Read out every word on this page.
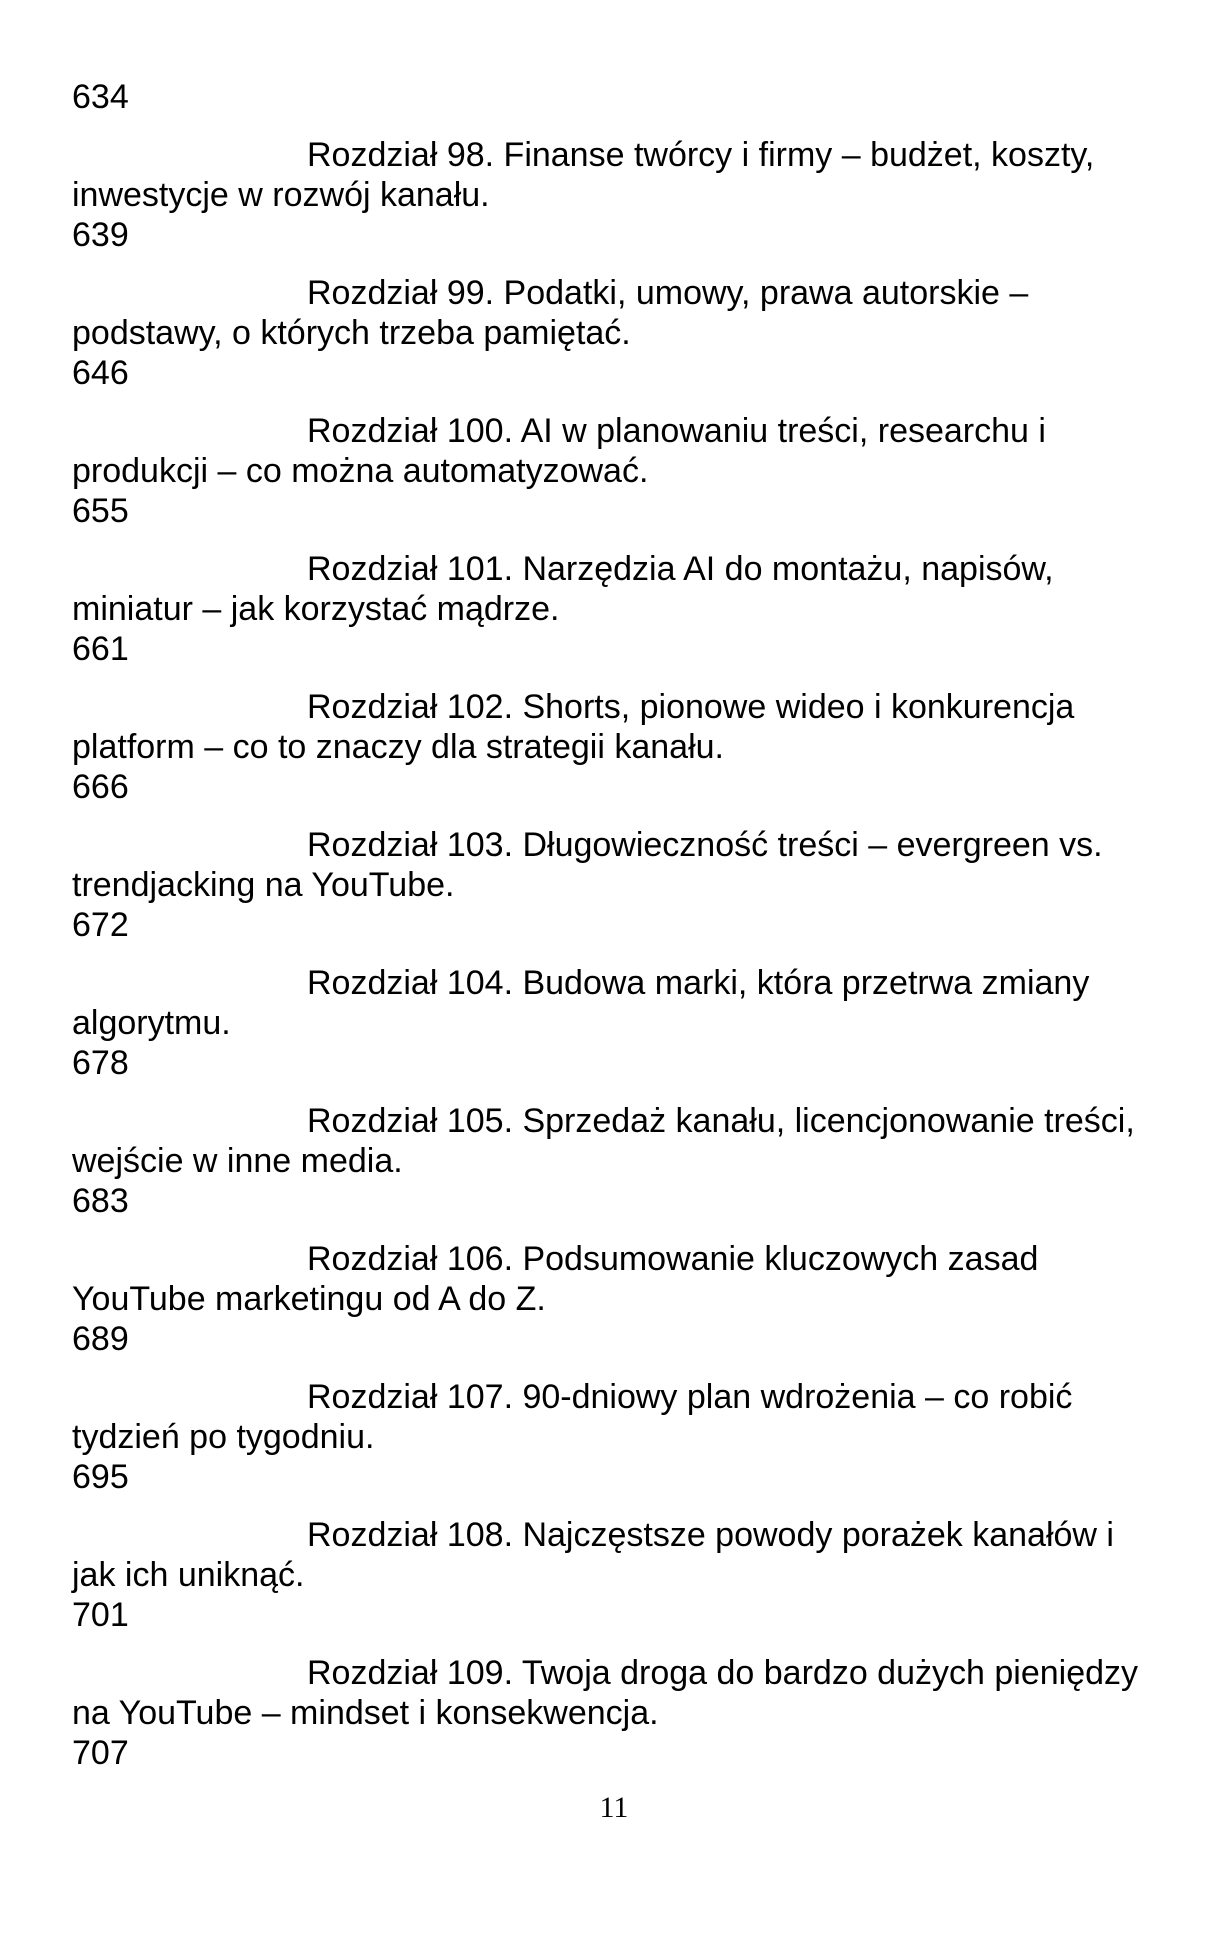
634
Rozdział 98. Finanse twórcy i firmy – budżet, koszty,
inwestycje w rozwój kanału.
639
Rozdział 99. Podatki, umowy, prawa autorskie –
podstawy, o których trzeba pamiętać.
646
Rozdział 100. AI w planowaniu treści, researchu i
produkcji – co można automatyzować.
655
Rozdział 101. Narzędzia AI do montażu, napisów,
miniatur – jak korzystać mądrze.
661
Rozdział 102. Shorts, pionowe wideo i konkurencja
platform – co to znaczy dla strategii kanału.
666
Rozdział 103. Długowieczność treści – evergreen vs.
trendjacking na YouTube.
672
Rozdział 104. Budowa marki, która przetrwa zmiany
algorytmu.
678
Rozdział 105. Sprzedaż kanału, licencjonowanie treści,
wejście w inne media.
683
Rozdział 106. Podsumowanie kluczowych zasad
YouTube marketingu od A do Z.
689
Rozdział 107. 90-dniowy plan wdrożenia – co robić
tydzień po tygodniu.
695
Rozdział 108. Najczęstsze powody porażek kanałów i
jak ich uniknąć.
701
Rozdział 109. Twoja droga do bardzo dużych pieniędzy
na YouTube – mindset i konsekwencja.
707
11
